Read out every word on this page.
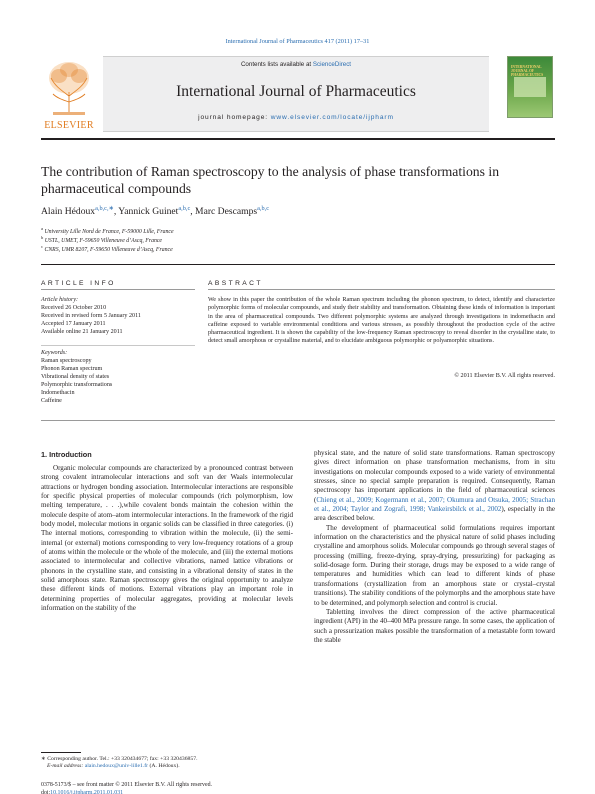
International Journal of Pharmaceutics 417 (2011) 17–31
ELSEVIER
Contents lists available at ScienceDirect
International Journal of Pharmaceutics
journal homepage: www.elsevier.com/locate/ijpharm
INTERNATIONAL JOURNAL OF PHARMACEUTICS
The contribution of Raman spectroscopy to the analysis of phase transformations in pharmaceutical compounds
Alain Hédoux$^{a,b,c,∗}$, Yannick Guinet$^{a,b,c}$, Marc Descamps$^{a,b,c}$
$^a$ University Lille Nord de France, F-59000 Lille, France
$^b$ USTL, UMET, F-59650 Villeneuve d’Ascq, France
$^c$ CNRS, UMR 8207, F-59650 Villeneuve d’Ascq, France
ARTICLE INFO
Article history:
Received 26 October 2010
Received in revised form 5 January 2011
Accepted 17 January 2011
Available online 21 January 2011
Keywords:
Raman spectroscopy
Phonon Raman spectrum
Vibrational density of states
Polymorphic transformations
Indomethacin
Caffeine
ABSTRACT
We show in this paper the contribution of the whole Raman spectrum including the phonon spectrum, to detect, identify and characterize polymorphic forms of molecular compounds, and study their stability and transformation. Obtaining these kinds of information is important in the area of pharmaceutical compounds. Two different polymorphic systems are analyzed through investigations in indomethacin and caffeine exposed to variable environmental conditions and various stresses, as possibly throughout the production cycle of the active pharmaceutical ingredient. It is shown the capability of the low-frequency Raman spectroscopy to reveal disorder in the crystalline state, to detect small amorphous or crystalline material, and to elucidate ambiguous polymorphic or polyamorphic situations.
© 2011 Elsevier B.V. All rights reserved.
1. Introduction

Organic molecular compounds are characterized by a pronounced contrast between strong covalent intramolecular interactions and soft van der Waals intermolecular attractions or hydrogen bonding association. Intermolecular interactions are responsible for specific physical properties of molecular compounds (rich polymorphism, low melting temperature, . . .),while covalent bonds maintain the cohesion within the molecule despite of atom–atom intermolecular interactions. In the framework of the rigid body model, molecular motions in organic solids can be classified in three categories. (i) The internal motions, corresponding to vibration within the molecule, (ii) the semi-internal (or external) motions corresponding to very low-frequency rotations of a group of atoms within the molecule or the whole of the molecule, and (iii) the external motions associated to intermolecular and collective vibrations, named lattice vibrations or phonons in the crystalline state, and consisting in a vibrational density of states in the solid amorphous state. Raman spectroscopy gives the original opportunity to analyze these different kinds of motions. External vibrations play an important role in determining properties of molecular aggregates, providing at molecular levels information on the stability of the

physical state, and the nature of solid state transformations. Raman spectroscopy gives direct information on phase transformation mechanisms, from in situ investigations on molecular compounds exposed to a wide variety of environmental stresses, since no special sample preparation is required. Consequently, Raman spectroscopy has important applications in the field of pharmaceutical sciences (Chieng et al., 2009; Kogermann et al., 2007; Okumura and Otsuka, 2005; Strachan et al., 2004; Taylor and Zografi, 1998; Vankeirsbilck et al., 2002), especially in the area described below.

The development of pharmaceutical solid formulations requires important information on the characteristics and the physical nature of solid phases including crystalline and amorphous solids. Molecular compounds go through several stages of processing (milling, freeze-drying, spray-drying, pressurizing) for packaging as solid-dosage form. During their storage, drugs may be exposed to a wide range of temperatures and humidities which can lead to different kinds of phase transformations (crystallization from an amorphous state or crystal–crystal transitions). The stability conditions of the polymorphs and the amorphous state have to be determined, and polymorph selection and control is crucial.

Tabletting involves the direct compression of the active pharmaceutical ingredient (API) in the 40–400 MPa pressure range. In some cases, the application of such a pressurization makes possible the transformation of a metastable form toward the stable

∗ Corresponding author. Tel.: +33 320434677; fax: +33 320436857.
E-mail address: alain.hedoux@univ-lille1.fr (A. Hédoux).
0378-5173/$ – see front matter © 2011 Elsevier B.V. All rights reserved.
doi:10.1016/j.ijpharm.2011.01.031
